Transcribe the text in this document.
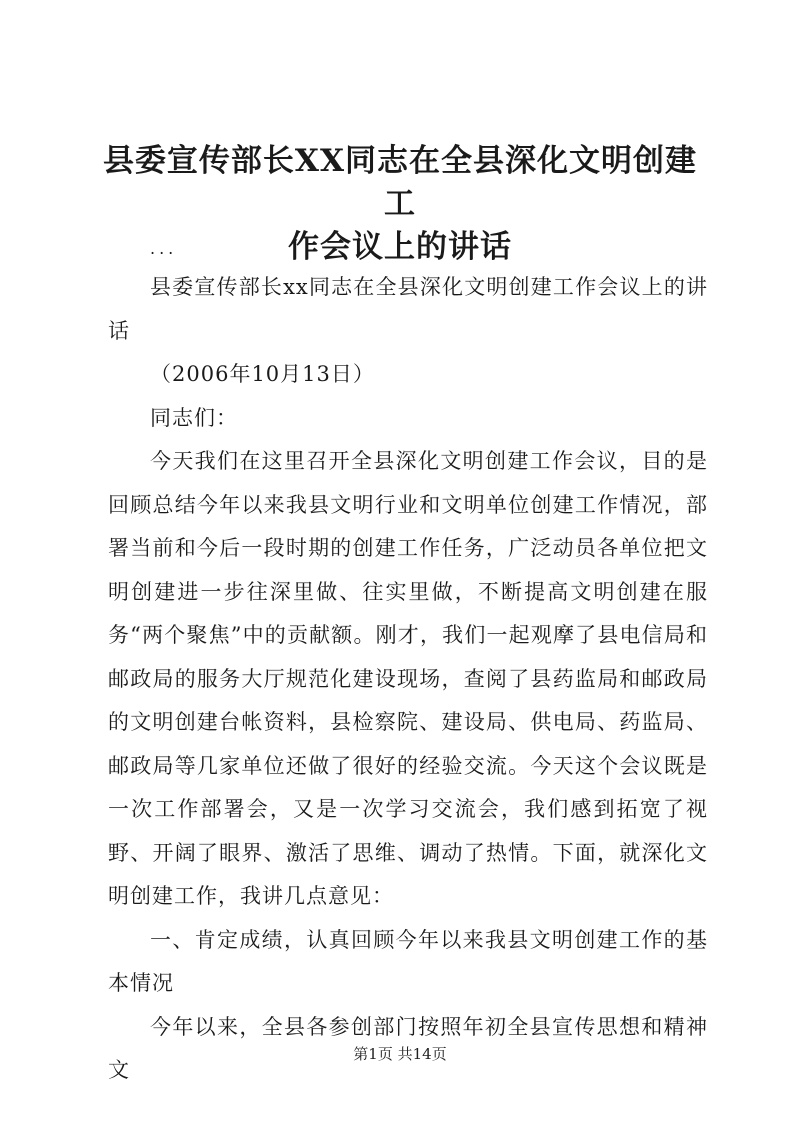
县委宣传部长XX同志在全县深化文明创建工
作会议上的讲话

...

县委宣传部长xx同志在全县深化文明创建工作会议上的讲话

（2006年10月13日）

同志们：

今天我们在这里召开全县深化文明创建工作会议，目的是回顾总结今年以来我县文明行业和文明单位创建工作情况，部署当前和今后一段时期的创建工作任务，广泛动员各单位把文明创建进一步往深里做、往实里做，不断提高文明创建在服务“两个聚焦”中的贡献额。刚才，我们一起观摩了县电信局和邮政局的服务大厅规范化建设现场，查阅了县药监局和邮政局的文明创建台帐资料，县检察院、建设局、供电局、药监局、邮政局等几家单位还做了很好的经验交流。今天这个会议既是一次工作部署会，又是一次学习交流会，我们感到拓宽了视野、开阔了眼界、激活了思维、调动了热情。下面，就深化文明创建工作，我讲几点意见：

一、肯定成绩，认真回顾今年以来我县文明创建工作的基本情况

今年以来，全县各参创部门按照年初全县宣传思想和精神文

第1页 共14页
